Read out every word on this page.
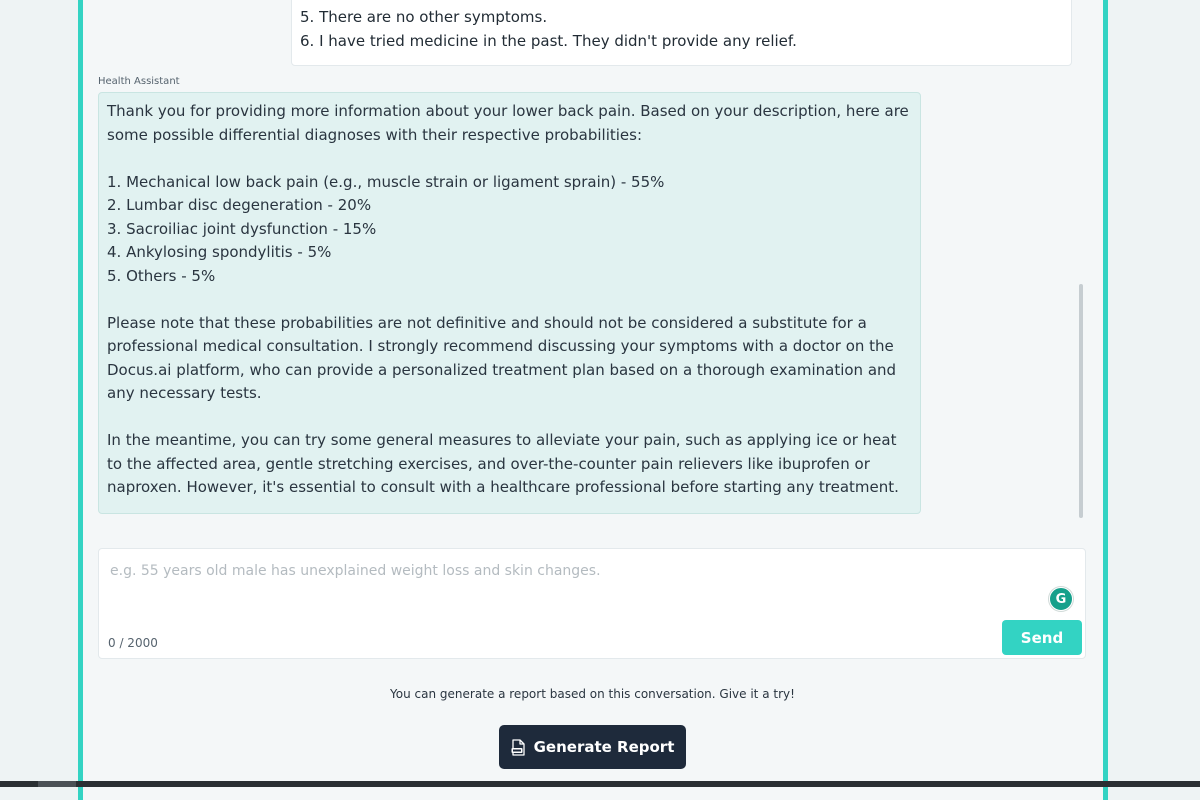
5. There are no other symptoms.
6. I have tried medicine in the past. They didn't provide any relief.
Health Assistant

Thank you for providing more information about your lower back pain. Based on your description, here are some possible differential diagnoses with their respective probabilities:

1. Mechanical low back pain (e.g., muscle strain or ligament sprain) - 55%

2. Lumbar disc degeneration - 20%

3. Sacroiliac joint dysfunction - 15%

4. Ankylosing spondylitis - 5%

5. Others - 5%

Please note that these probabilities are not definitive and should not be considered a substitute for a professional medical consultation. I strongly recommend discussing your symptoms with a doctor on the Docus.ai platform, who can provide a personalized treatment plan based on a thorough examination and any necessary tests.

In the meantime, you can try some general measures to alleviate your pain, such as applying ice or heat to the affected area, gentle stretching exercises, and over-the-counter pain relievers like ibuprofen or naproxen. However, it's essential to consult with a healthcare professional before starting any treatment.

e.g. 55 years old male has unexplained weight loss and skin changes.
G
0 / 2000	Send
You can generate a report based on this conversation. Give it a try!
Generate Report
